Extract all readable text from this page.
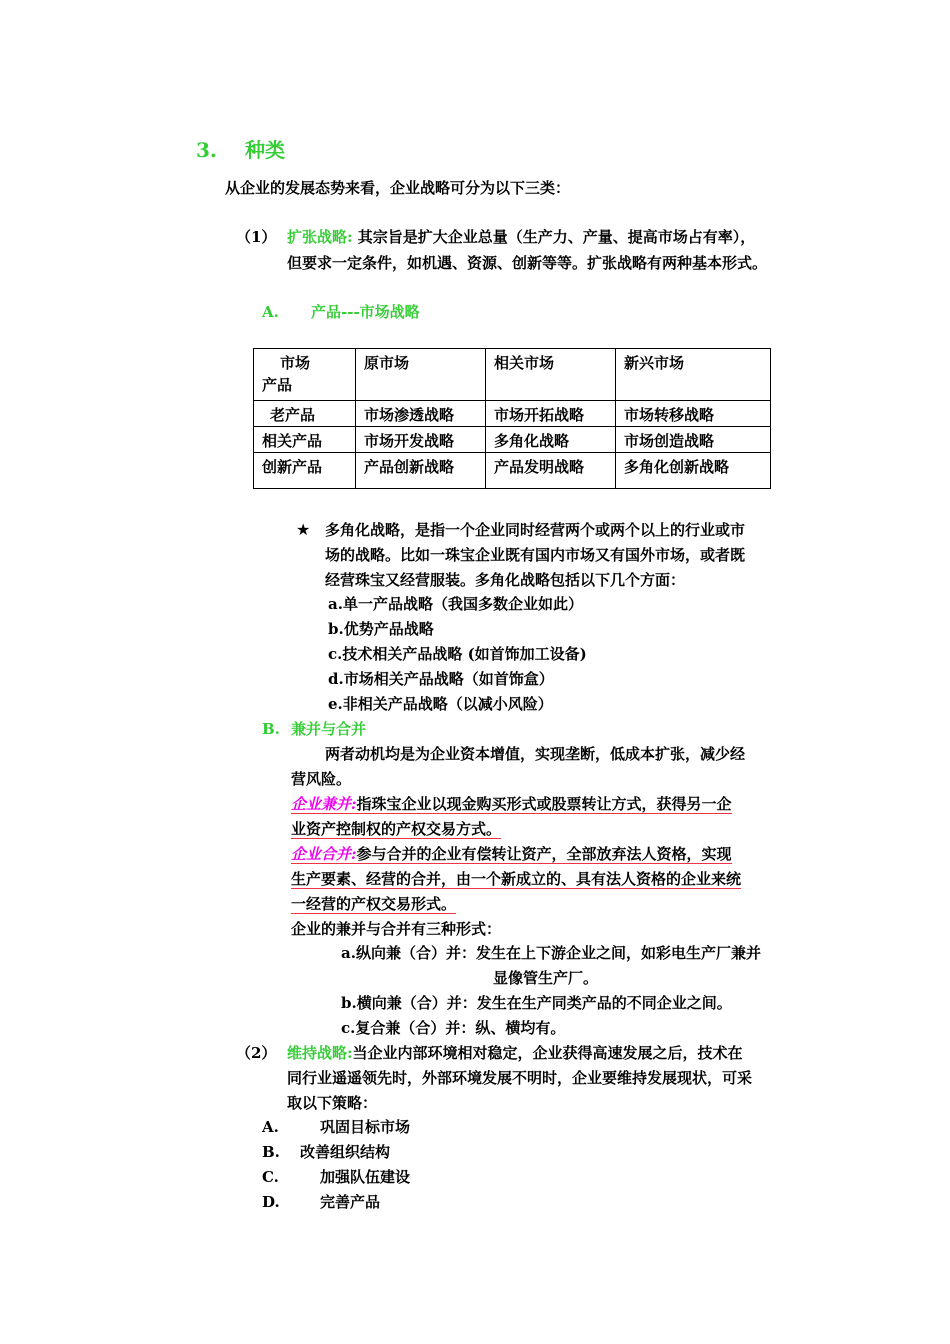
3. 种类
从企业的发展态势来看，企业战略可分为以下三类：
（1） 扩张战略: 其宗旨是扩大企业总量（生产力、产量、提高市场占有率），
但要求一定条件，如机遇、资源、创新等等。扩张战略有两种基本形式。
A. 产品---市场战略
市场
产品	原市场	相关市场	新兴市场
老产品	市场渗透战略	市场开拓战略	市场转移战略
相关产品	市场开发战略	多角化战略	市场创造战略
创新产品	产品创新战略	产品发明战略	多角化创新战略
★ 多角化战略，是指一个企业同时经营两个或两个以上的行业或市
场的战略。比如一珠宝企业既有国内市场又有国外市场，或者既
经营珠宝又经营服装。多角化战略包括以下几个方面：
a.单一产品战略（我国多数企业如此）
b.优势产品战略
c.技术相关产品战略 (如首饰加工设备)
d.市场相关产品战略（如首饰盒）
e.非相关产品战略（以减小风险）
B. 兼并与合并
两者动机均是为企业资本增值，实现垄断，低成本扩张，减少经
营风险。
企业兼并:指珠宝企业以现金购买形式或股票转让方式，获得另一企
业资产控制权的产权交易方式。
企业合并:参与合并的企业有偿转让资产，全部放弃法人资格，实现
生产要素、经营的合并，由一个新成立的、具有法人资格的企业来统
一经营的产权交易形式。
企业的兼并与合并有三种形式：
a.纵向兼（合）并：发生在上下游企业之间，如彩电生产厂兼并
显像管生产厂。
b.横向兼（合）并：发生在生产同类产品的不同企业之间。
c.复合兼（合）并：纵、横均有。
（2） 维持战略:当企业内部环境相对稳定，企业获得高速发展之后，技术在
同行业遥遥领先时，外部环境发展不明时，企业要维持发展现状，可采
取以下策略：
A.	巩固目标市场
B. 改善组织结构
C.	加强队伍建设
D.	完善产品
